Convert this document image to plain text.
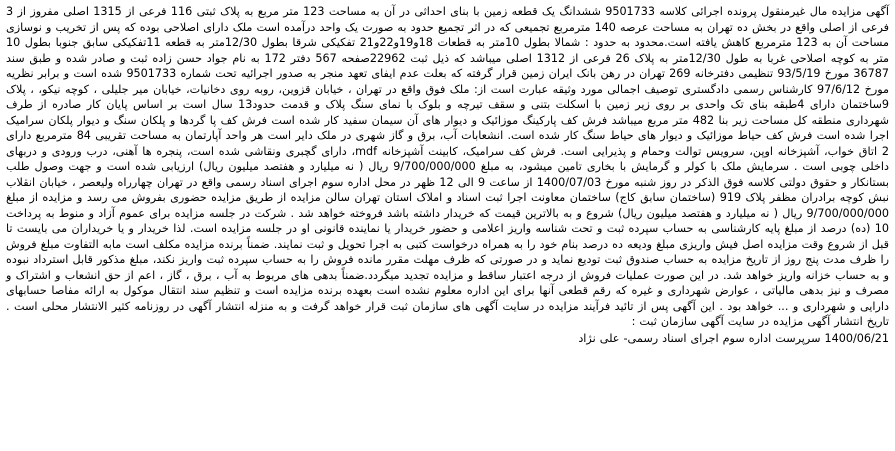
آگهی مزایده مال غیرمنقول پرونده اجرائی کلاسه 9501733 ششدانگ یک قطعه زمین با بنای احداثی در آن به مساحت 123 متر مربع به پلاک ثبتی 116 فرعی از 1315 اصلی مفروز از 3 فرعی از اصلی واقع در بخش ده تهران به مساحت عرصه 140 مترمربع تجمیعی که در اثر تجمیع حدود به صورت یک واحد درآمده است ملک دارای اصلاحی بوده که پس از تخریب و نوسازی مساحت آن به 123 مترمربع کاهش یافته است.محدود به حدود : شمالا بطول 10متر به قطعات 18و19و22و21 تفکیکی شرقا بطول 12/30متر به قطعه 11تفکیکی سابق جنوبا بطول 10 متر به کوچه اصلاحی غربا به طول 12/30متر به پلاک 26 فرعی از 1312 اصلی میباشد که ذیل ثبت 22962صفحه 567 دفتر 172 به نام جواد حسن زاده ثبت و صادر شده و طبق سند 36787 مورخ 93/5/19 تنظیمی دفترخانه 269 تهران در رهن بانک ایران زمین قرار گرفته که بعلت عدم ایفای تعهد منجر به صدور اجرائیه تحت شماره 9501733 شده است و برابر نظریه مورخ 97/6/12 کارشناس رسمی دادگستری توصیف اجمالی مورد وثیقه عبارت است از: ملک فوق واقع در تهران ، خیابان قزوین، روبه روی دخانیات، خیابان میر جلیلی ، کوچه نیکو، ، پلاک 9ساختمان دارای 4طبقه بنای تک واحدی بر روی زیر زمین با اسکلت بتنی و سقف تیرچه و بلوک با نمای سنگ پلاک و قدمت حدود13 سال است بر اساس پایان کار صادره از طرف شهرداری منطقه کل مساحت زیر بنا 482 متر مربع میباشد فرش کف پارکینگ موزائیک و دیوار های آن سیمان سفید کار شده است فرش کف پا گردها و پلکان سنگ و دیوار پلکان سرامیک اجرا شده است فرش کف حیاط موزائیک و دیوار های حیاط سنگ کار شده است. انشعابات آب، برق و گاز شهری در ملک دایر است هر واحد آپارتمان به مساحت تقریبی 84 مترمربع دارای 2 اتاق خواب، آشپزخانه اوپن، سرویس توالت وحمام و پذیرایی است. فرش کف سرامیک، کابینت آشپزخانه mdf، دارای گچبری ونقاشی شده است، پنجره ها آهنی، درب ورودی و دربهای داخلی چوبی است . سرمایش ملک با کولر و گرمایش با بخاری تامین میشود، به مبلغ 9/700/000/000 ریال ( نه میلیارد و هفتصد میلیون ریال) ارزیابی شده است و جهت وصول طلب بستانکار و حقوق دولتی کلاسه فوق الذکر در روز شنبه مورخ 1400/07/03 از ساعت 9 الی 12 ظهر در محل اداره سوم اجرای اسناد رسمی واقع در تهران چهارراه ولیعصر ، خیابان انقلاب نبش کوچه برادران مظفر پلاک 919 (ساختمان سابق کاج) ساختمان معاونت اجرا ثبت اسناد و املاک استان تهران سالن مزایده از طریق مزایده حضوری بفروش می رسد و مزایده از مبلغ 9/700/000/000 ریال ( نه میلیارد و هفتصد میلیون ریال) شروع و به بالاترین قیمت که خریدار داشته باشد فروخته خواهد شد . شرکت در جلسه مزایده برای عموم آزاد و منوط به پرداخت 10 (ده) درصد از مبلغ پایه کارشناسی به حساب سپرده ثبت و تحت شناسه واریز اعلامی و حضور خریدار یا نماینده قانونی او در جلسه مزایده است. لذا خریدار و یا خریداران می بایست تا قبل از شروع وقت مزایده اصل فیش واریزی مبلغ ودیعه ده درصد بنام خود را به همراه درخواست کتبی به اجرا تحویل و ثبت نمایند. ضمناً برنده مزایده مکلف است مابه التفاوت مبلغ فروش را ظرف مدت پنج روز از تاریخ مزایده به حساب صندوق ثبت تودیع نماید و در صورتی که ظرف مهلت مقرر مانده فروش را به حساب سپرده ثبت واریز نکند، مبلغ مذکور قابل استرداد نبوده و به حساب خزانه واریز خواهد شد. در این صورت عملیات فروش از درجه اعتبار ساقط و مزایده تجدید میگردد.ضمناً بدهی های مربوط به آب ، برق ، گاز ، اعم از حق انشعاب و اشتراک و مصرف و نیز بدهی مالیاتی ، عوارض شهرداری و غیره که رقم قطعی آنها برای این اداره معلوم نشده است بعهده برنده مزایده است و تنظیم سند انتقال موکول به ارائه مفاصا حسابهای دارایی و شهرداری و ... خواهد بود . این آگهی پس از تائید فرآیند مزایده در سایت آگهی های سازمان ثبت قرار خواهد گرفت و به منزله انتشار آگهی در روزنامه کثیر الانتشار محلی است . تاریخ انتشار آگهی مزایده در سایت آگهی سازمان ثبت :

1400/06/21 سرپرست اداره سوم اجرای اسناد رسمی- علی نژاد
